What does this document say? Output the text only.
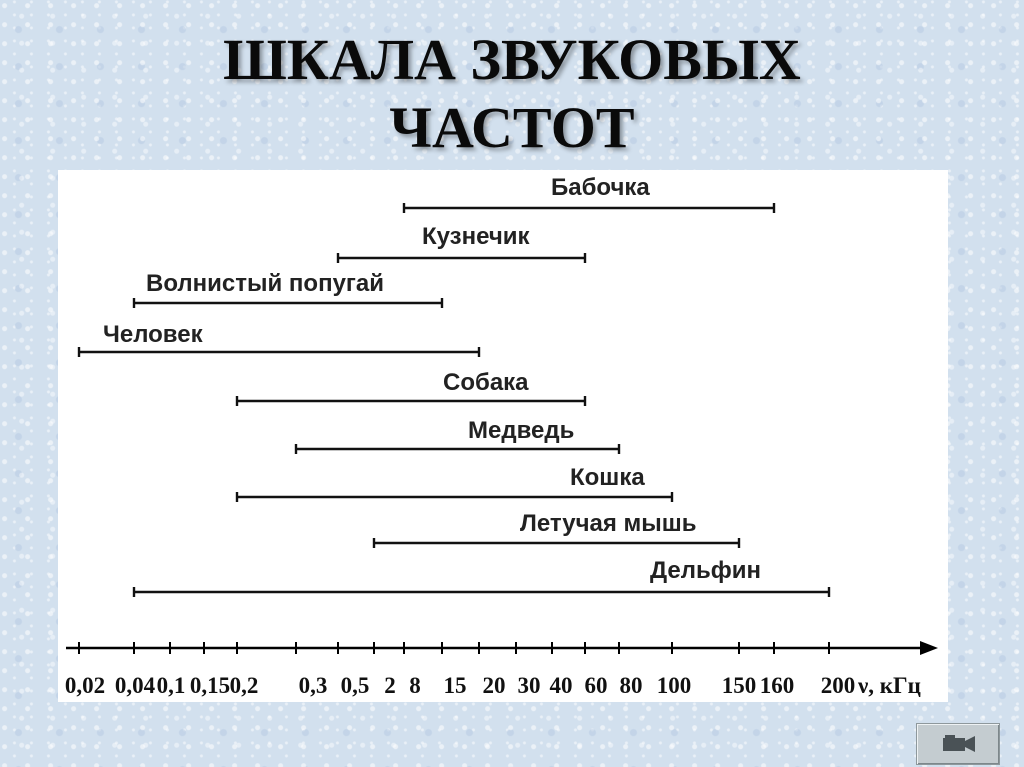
ШКАЛА ЗВУКОВЫХ
ЧАСТОТ
0,02 0,04 0,1 0,15 0,2 0,3 0,5 2 8 15 20 30 40 60 80 100 150 160 200 ν, кГц
Бабочка
Кузнечик
Волнистый попугай
Человек
Собака
Медведь
Кошка
Летучая мышь
Дельфин
